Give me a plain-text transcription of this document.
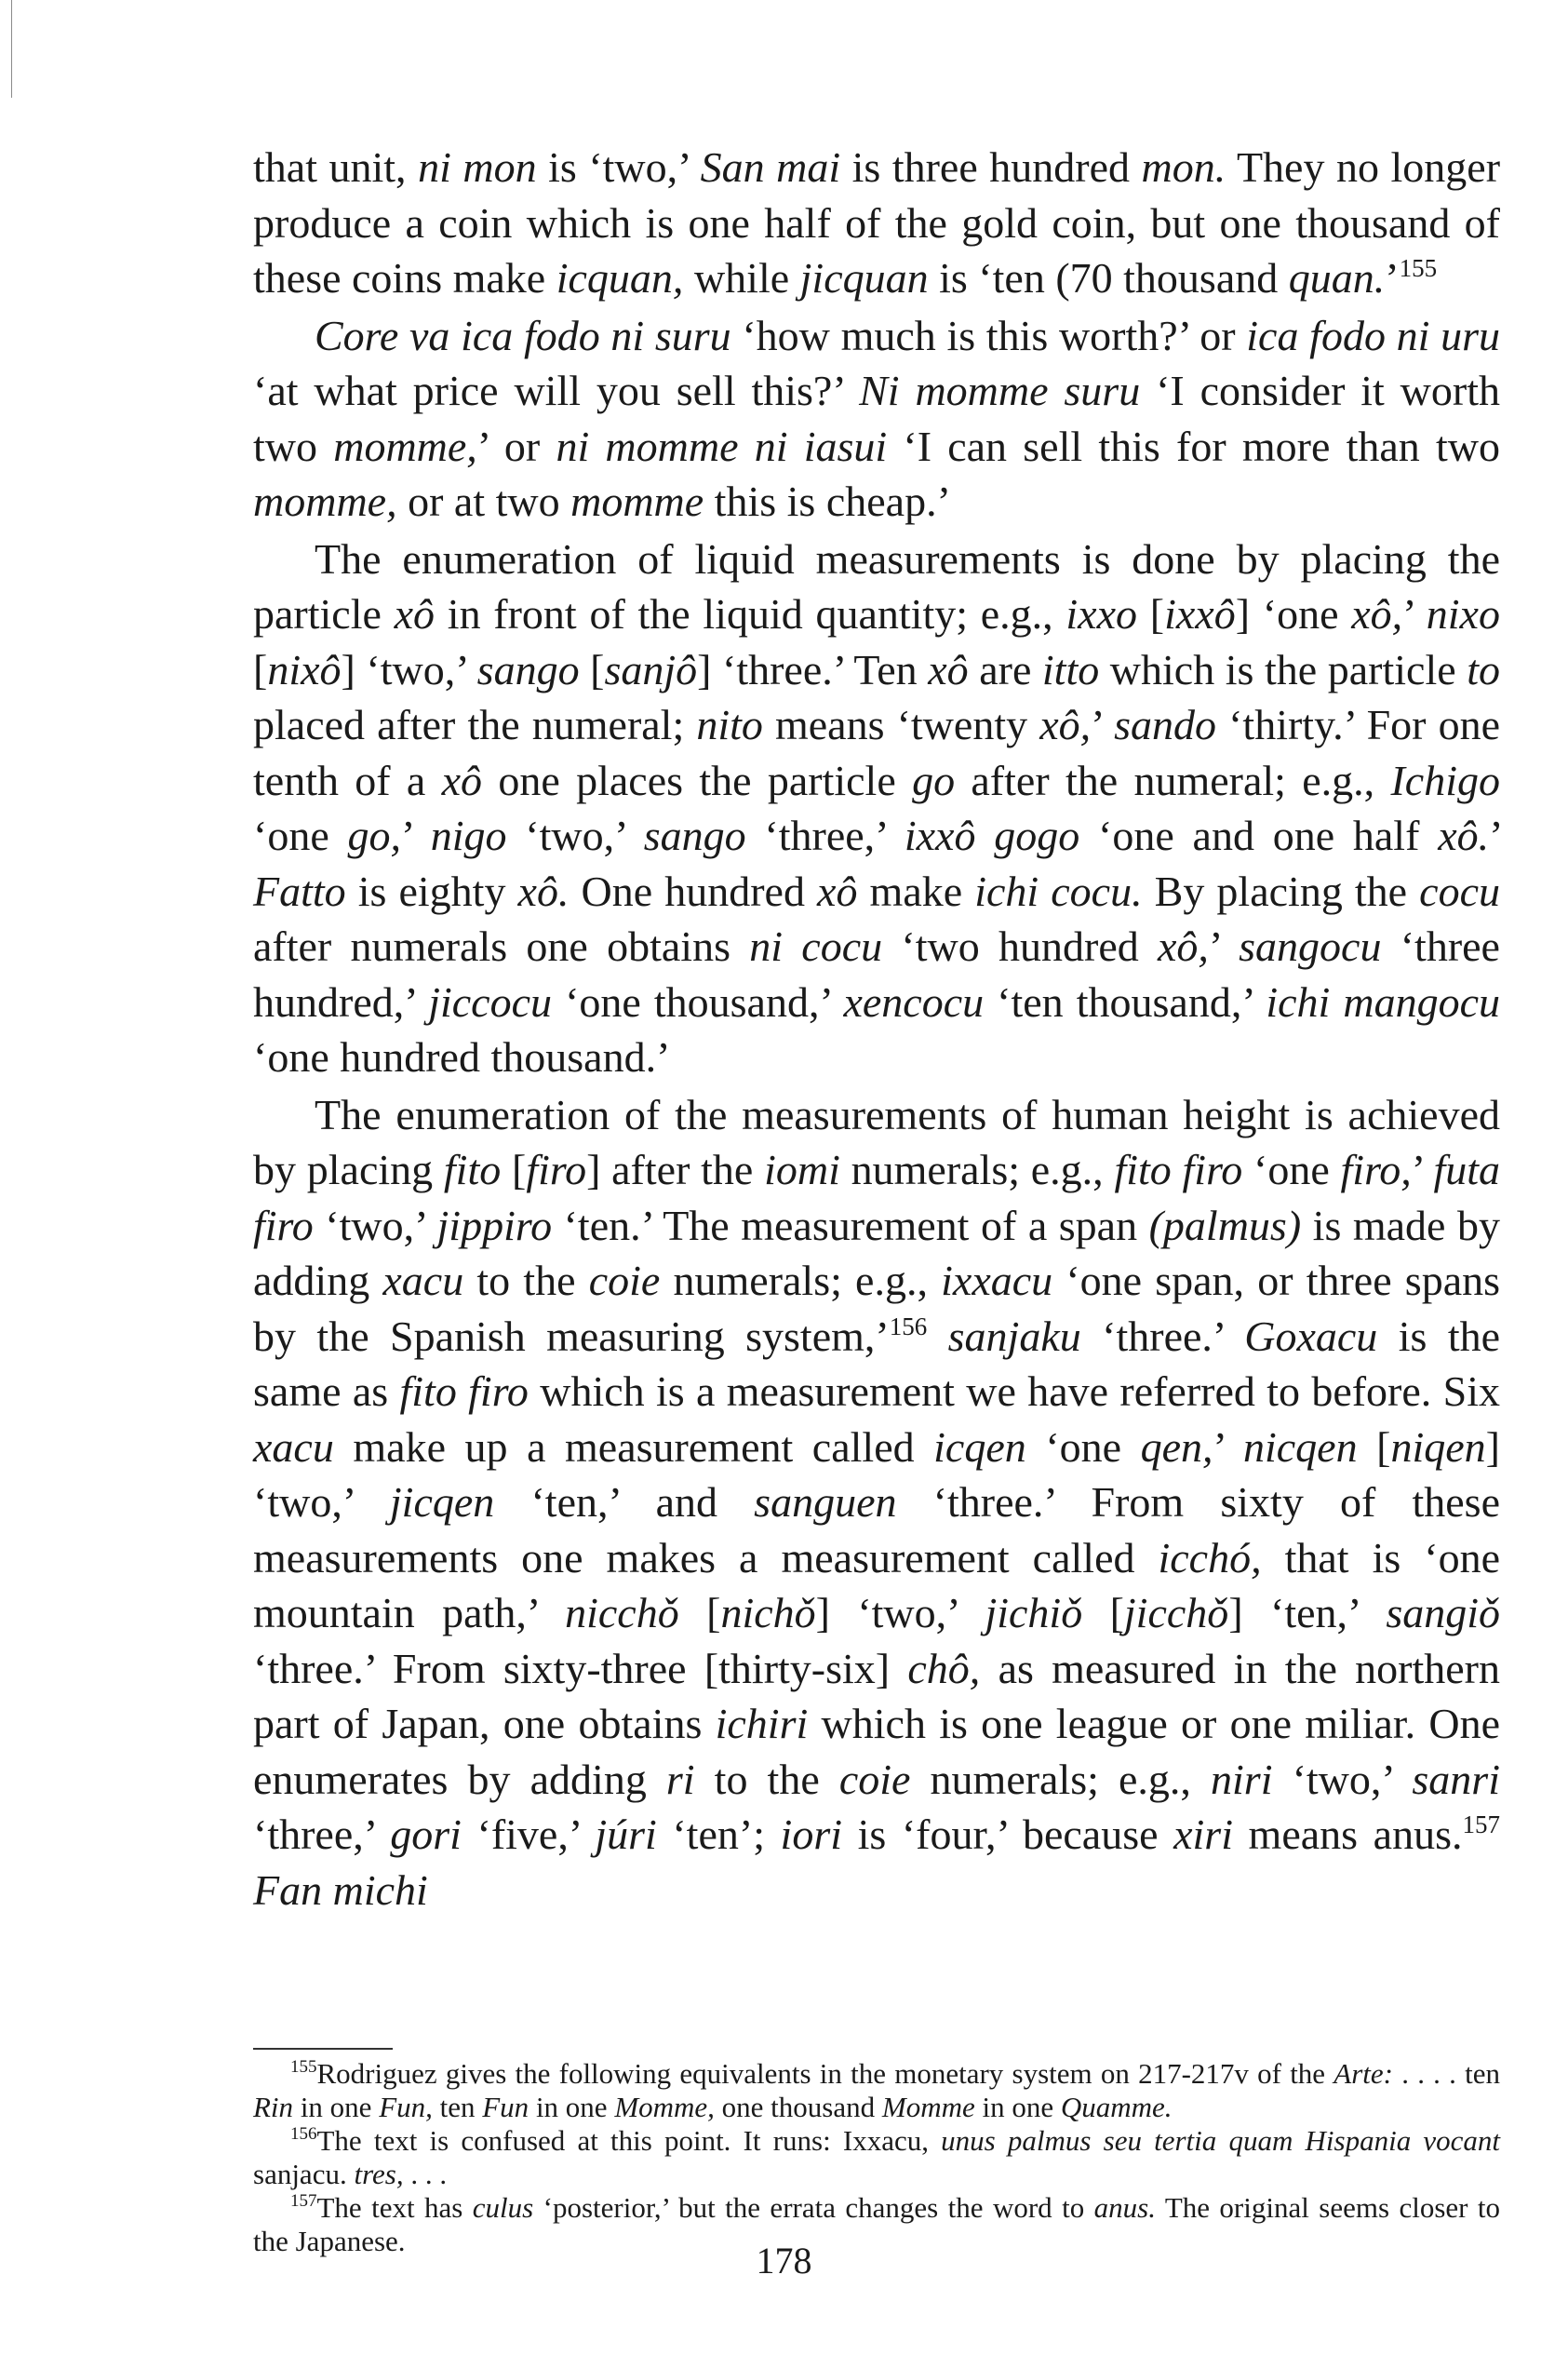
that unit, ni mon is ‘two,’ San mai is three hundred mon. They no longer produce a coin which is one half of the gold coin, but one thousand of these coins make icquan, while jicquan is ‘ten (70 thousand quan.’$^{155}$

Core va ica fodo ni suru ‘how much is this worth?’ or ica fodo ni uru ‘at what price will you sell this?’ Ni momme suru ‘I consider it worth two momme,’ or ni momme ni iasui ‘I can sell this for more than two momme, or at two momme this is cheap.’

The enumeration of liquid measurements is done by placing the particle xô in front of the liquid quantity; e.g., ixxo [ixxô] ‘one xô,’ nixo [nixô] ‘two,’ sango [sanjô] ‘three.’ Ten xô are itto which is the particle to placed after the numeral; nito means ‘twenty xô,’ sando ‘thirty.’ For one tenth of a xô one places the particle go after the numeral; e.g., Ichigo ‘one go,’ nigo ‘two,’ sango ‘three,’ ixxô gogo ‘one and one half xô.’ Fatto is eighty xô. One hundred xô make ichi cocu. By placing the cocu after numerals one obtains ni cocu ‘two hundred xô,’ sangocu ‘three hundred,’ jiccocu ‘one thousand,’ xencocu ‘ten thousand,’ ichi mangocu ‘one hundred thousand.’

The enumeration of the measurements of human height is achieved by placing fito [firo] after the iomi numerals; e.g., fito firo ‘one firo,’ futa firo ‘two,’ jippiro ‘ten.’ The measurement of a span (palmus) is made by adding xacu to the coie numerals; e.g., ixxacu ‘one span, or three spans by the Spanish measuring system,’$^{156}$ sanjaku ‘three.’ Goxacu is the same as fito firo which is a measurement we have referred to before. Six xacu make up a measurement called icqen ‘one qen,’ nicqen [niqen] ‘two,’ jicqen ‘ten,’ and sanguen ‘three.’ From sixty of these measurements one makes a measurement called icchó, that is ‘one mountain path,’ nicchǒ [nichǒ] ‘two,’ jichiǒ [jicchǒ] ‘ten,’ sangiǒ ‘three.’ From sixty-three [thirty-six] chô, as measured in the northern part of Japan, one obtains ichiri which is one league or one miliar. One enumerates by adding ri to the coie numerals; e.g., niri ‘two,’ sanri ‘three,’ gori ‘five,’ júri ‘ten’; iori is ‘four,’ because xiri means anus.$^{157}$ Fan michi

$^{155}$Rodriguez gives the following equivalents in the monetary system on 217-217v of the Arte: . . . . ten Rin in one Fun, ten Fun in one Momme, one thousand Momme in one Quamme.

$^{156}$The text is confused at this point. It runs: Ixxacu, unus palmus seu tertia quam Hispania vocant sanjacu. tres, . . .

$^{157}$The text has culus ‘posterior,’ but the errata changes the word to anus. The original seems closer to the Japanese.	178
